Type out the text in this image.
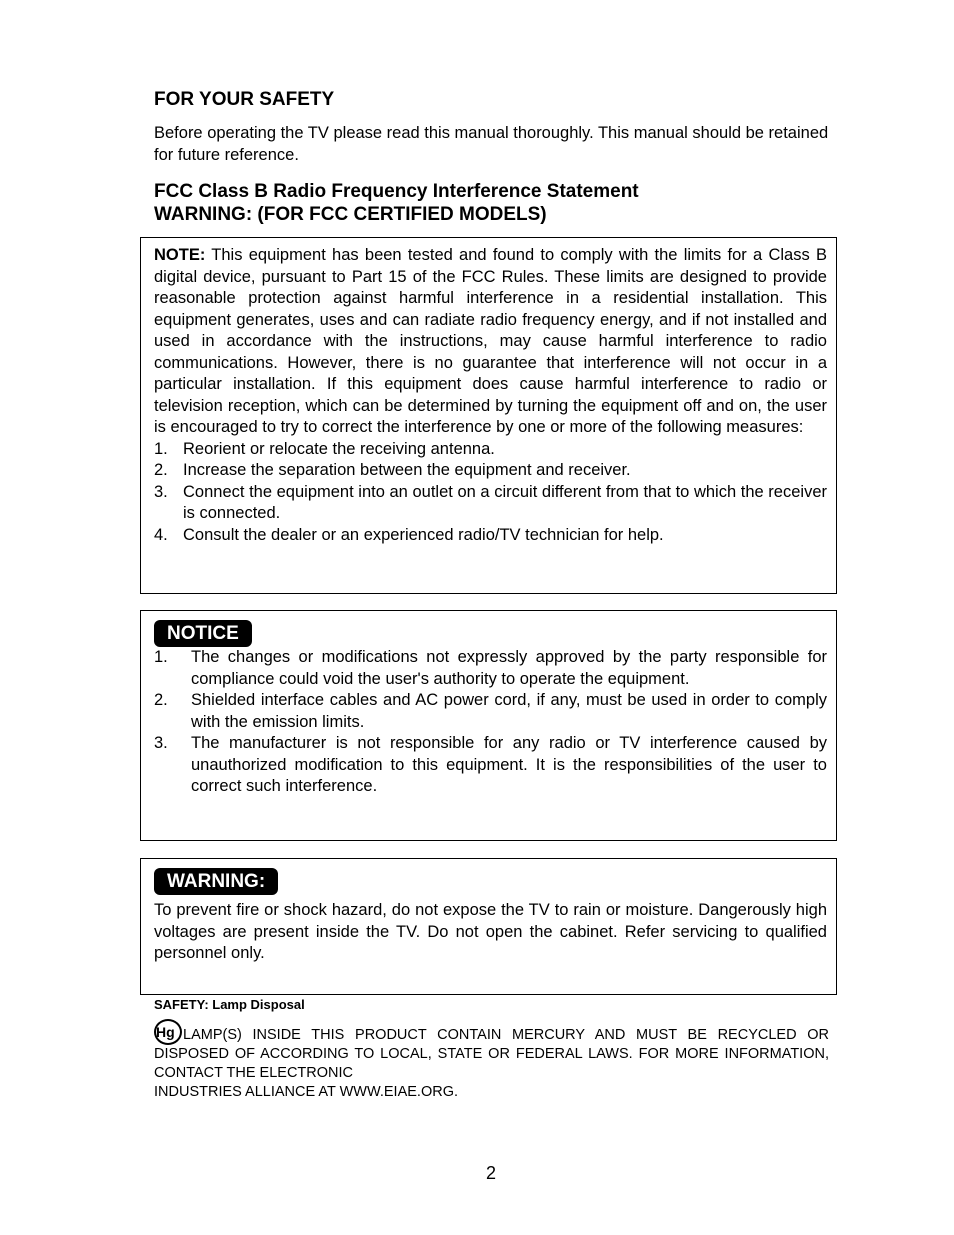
FOR YOUR SAFETY

Before operating the TV please read this manual thoroughly. This manual should be retained for future reference.

FCC Class B Radio Frequency Interference Statement
WARNING: (FOR FCC CERTIFIED MODELS)
NOTE: This equipment has been tested and found to comply with the limits for a Class B digital device, pursuant to Part 15 of the FCC Rules. These limits are designed to provide reasonable protection against harmful interference in a residential installation. This equipment generates, uses and can radiate radio frequency energy, and if not installed and used in accordance with the instructions, may cause harmful interference to radio communications. However, there is no guarantee that interference will not occur in a particular installation. If this equipment does cause harmful interference to radio or television reception, which can be determined by turning the equipment off and on, the user is encouraged to try to correct the interference by one or more of the following measures:
1. Reorient or relocate the receiving antenna.
2. Increase the separation between the equipment and receiver.
3. Connect the equipment into an outlet on a circuit different from that to which the receiver is connected.
4. Consult the dealer or an experienced radio/TV technician for help.
NOTICE
1. The changes or modifications not expressly approved by the party responsible for compliance could void the user's authority to operate the equipment.
2. Shielded interface cables and AC power cord, if any, must be used in order to comply with the emission limits.
3. The manufacturer is not responsible for any radio or TV interference caused by unauthorized modification to this equipment. It is the responsibilities of the user to correct such interference.
WARNING:
To prevent fire or shock hazard, do not expose the TV to rain or moisture. Dangerously high voltages are present inside the TV. Do not open the cabinet. Refer servicing to qualified personnel only.
SAFETY: Lamp Disposal
Hg LAMP(S) INSIDE THIS PRODUCT CONTAIN MERCURY AND MUST BE RECYCLED OR DISPOSED OF ACCORDING TO LOCAL, STATE OR FEDERAL LAWS. FOR MORE INFORMATION, CONTACT THE ELECTRONIC
INDUSTRIES ALLIANCE AT WWW.EIAE.ORG.
2
